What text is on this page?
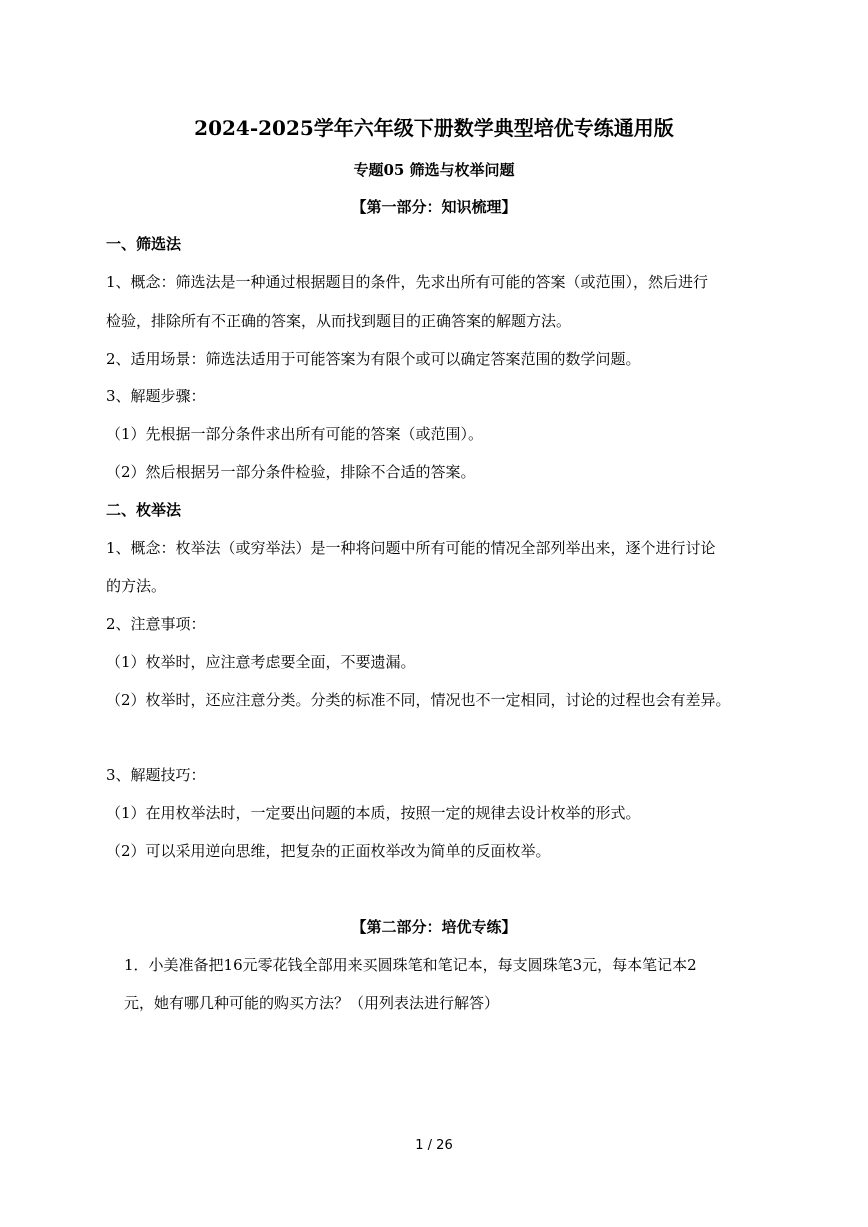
2024-2025学年六年级下册数学典型培优专练通用版
专题05 筛选与枚举问题
【第一部分：知识梳理】
一、筛选法
1、概念：筛选法是一种通过根据题目的条件，先求出所有可能的答案（或范围），然后进行
检验，排除所有不正确的答案，从而找到题目的正确答案的解题方法。
2、适用场景：筛选法适用于可能答案为有限个或可以确定答案范围的数学问题。
3、解题步骤：
（1）先根据一部分条件求出所有可能的答案（或范围）。
（2）然后根据另一部分条件检验，排除不合适的答案。
二、枚举法
1、概念：枚举法（或穷举法）是一种将问题中所有可能的情况全部列举出来，逐个进行讨论
的方法。
2、注意事项：
（1）枚举时，应注意考虑要全面，不要遗漏。
（2）枚举时，还应注意分类。分类的标准不同，情况也不一定相同，讨论的过程也会有差异。
3、解题技巧：
（1）在用枚举法时，一定要出问题的本质，按照一定的规律去设计枚举的形式。
（2）可以采用逆向思维，把复杂的正面枚举改为简单的反面枚举。
【第二部分：培优专练】
1．小美准备把16元零花钱全部用来买圆珠笔和笔记本，每支圆珠笔3元，每本笔记本2
元，她有哪几种可能的购买方法？（用列表法进行解答）
1 / 26
